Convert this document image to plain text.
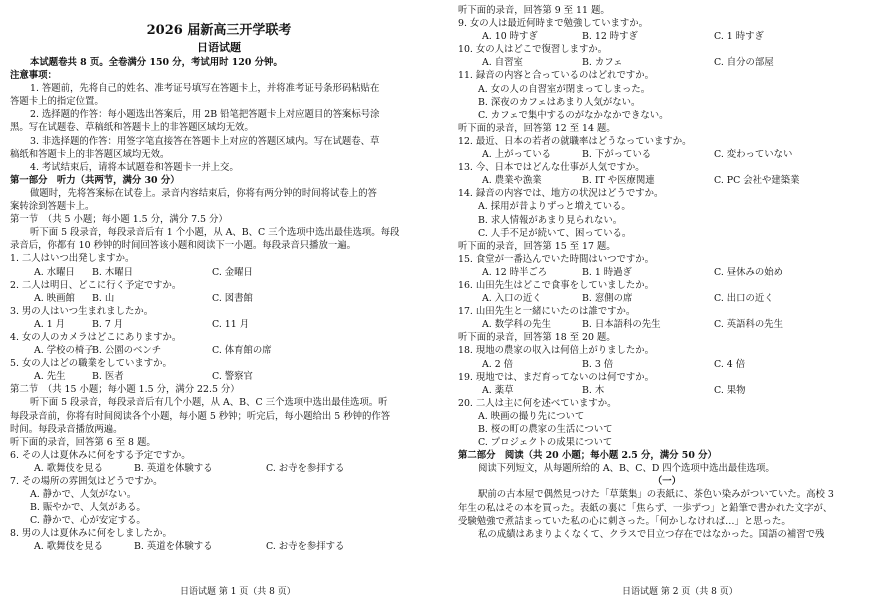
2026 届新高三开学联考
日语试题
本试题卷共 8 页。全卷满分 150 分，考试用时 120 分钟。
注意事项：
1. 答题前，先将自己的姓名、准考证号填写在答题卡上，并将准考证号条形码粘贴在
答题卡上的指定位置。
2. 选择题的作答：每小题选出答案后，用 2B 铅笔把答题卡上对应题目的答案标号涂
黑。写在试题卷、草稿纸和答题卡上的非答题区域均无效。
3. 非选择题的作答：用签字笔直接答在答题卡上对应的答题区域内。写在试题卷、草
稿纸和答题卡上的非答题区域均无效。
4. 考试结束后，请将本试题卷和答题卡一并上交。
第一部分　听力（共两节，满分 30 分）
做题时，先将答案标在试卷上。录音内容结束后，你将有两分钟的时间将试卷上的答
案转涂到答题卡上。
第一节　（共 5 小题；每小题 1.5 分，满分 7.5 分）
听下面 5 段录音，每段录音后有 1 个小题，从 A、B、C 三个选项中选出最佳选项。每段
录音后，你都有 10 秒钟的时间回答该小题和阅读下一小题。每段录音只播放一遍。
1. 二人はいつ出発しますか。
A. 水曜日	B. 木曜日	C. 金曜日
2. 二人は明日、どこに行く予定ですか。
A. 映画館	B. 山	C. 図書館
3. 男の人はいつ生まれましたか。
A. 1 月	B. 7 月	C. 11 月
4. 女の人のカメラはどこにありますか。
A. 学校の椅子
B. 公園のベンチ	C. 体育館の席
5. 女の人はどの職業をしていますか。
A. 先生	B. 医者	C. 警察官
第二节　（共 15 小题；每小题 1.5 分，满分 22.5 分）
听下面 5 段录音，每段录音后有几个小题，从 A、B、C 三个选项中选出最佳选项。听
每段录音前，你将有时间阅读各个小题，每小题 5 秒钟；听完后，每小题给出 5 秒钟的作答
时间。每段录音播放两遍。
听下面的录音，回答第 6 至 8 题。
6. その人は夏休みに何をする予定ですか。
A. 歌舞伎を見る	B. 英道を体験する	C. お寺を参拝する
7. その場所の雰囲気はどうですか。
A. 静かで、人気がない。
B. 賑やかで、人気がある。
C. 静かで、心が安定する。
8. 男の人は夏休みに何をしましたか。
A. 歌舞伎を見る	B. 英道を体験する	C. お寺を参拝する
日语试题 第 1 页（共 8 页）
听下面的录音，回答第 9 至 11 题。
9. 女の人は最近何時まで勉強していますか。
A. 10 時すぎ	B. 12 時すぎ	C. 1 時すぎ
10. 女の人はどこで復習しますか。
A. 自習室	B. カフェ	C. 自分の部屋
11. 録音の内容と合っているのはどれですか。
A. 女の人の自習室が閉まってしまった。
B. 深夜のカフェはあまり人気がない。
C. カフェで集中するのがなかなかできない。
听下面的录音，回答第 12 至 14 题。
12. 最近、日本の若者の就職率はどうなっていますか。
A. 上がっている	B. 下がっている	C. 変わっていない
13. 今、日本ではどんな仕事が人気ですか。
A. 農業や漁業	B. IT や医療関連	C. PC 会社や建築業
14. 録音の内容では、地方の状況はどうですか。
A. 採用が昔よりずっと増えている。
B. 求人情報があまり見られない。
C. 人手不足が続いて、困っている。
听下面的录音，回答第 15 至 17 题。
15. 食堂が一番込んでいた時間はいつですか。
A. 12 時半ごろ	B. 1 時過ぎ	C. 昼休みの始め
16. 山田先生はどこで食事をしていましたか。
A. 入口の近く	B. 窓側の席	C. 出口の近く
17. 山田先生と一緒にいたのは誰ですか。
A. 数学科の先生	B. 日本語科の先生	C. 英語科の先生
听下面的录音，回答第 18 至 20 题。
18. 現地の農家の収入は何倍上がりましたか。
A. 2 倍	B. 3 倍	C. 4 倍
19. 現地では、まだ育ってないのは何ですか。
A. 薬草	B. 木	C. 果物
20. 二人は主に何を述べていますか。
A. 映画の撮り先について
B. 桜の町の農家の生活について
C. プロジェクトの成果について
第二部分　阅读（共 20 小题；每小题 2.5 分，满分 50 分）
阅读下列短文，从每题所给的 A、B、C、D 四个选项中选出最佳选项。
（一）
駅前の古本屋で偶然見つけた「草葉集」の表紙に、茶色い染みがついていた。高校 3
年生の私はその本を買った。表紙の裏に「焦らず、一歩ずつ」と鉛筆で書かれた文字が、
受験勉強で煮詰まっていた私の心に刺さった。「何かしなければ…」と思った。
私の成績はあまりよくなくて、クラスで目立つ存在ではなかった。国語の補習で残
日语试题 第 2 页（共 8 页）
